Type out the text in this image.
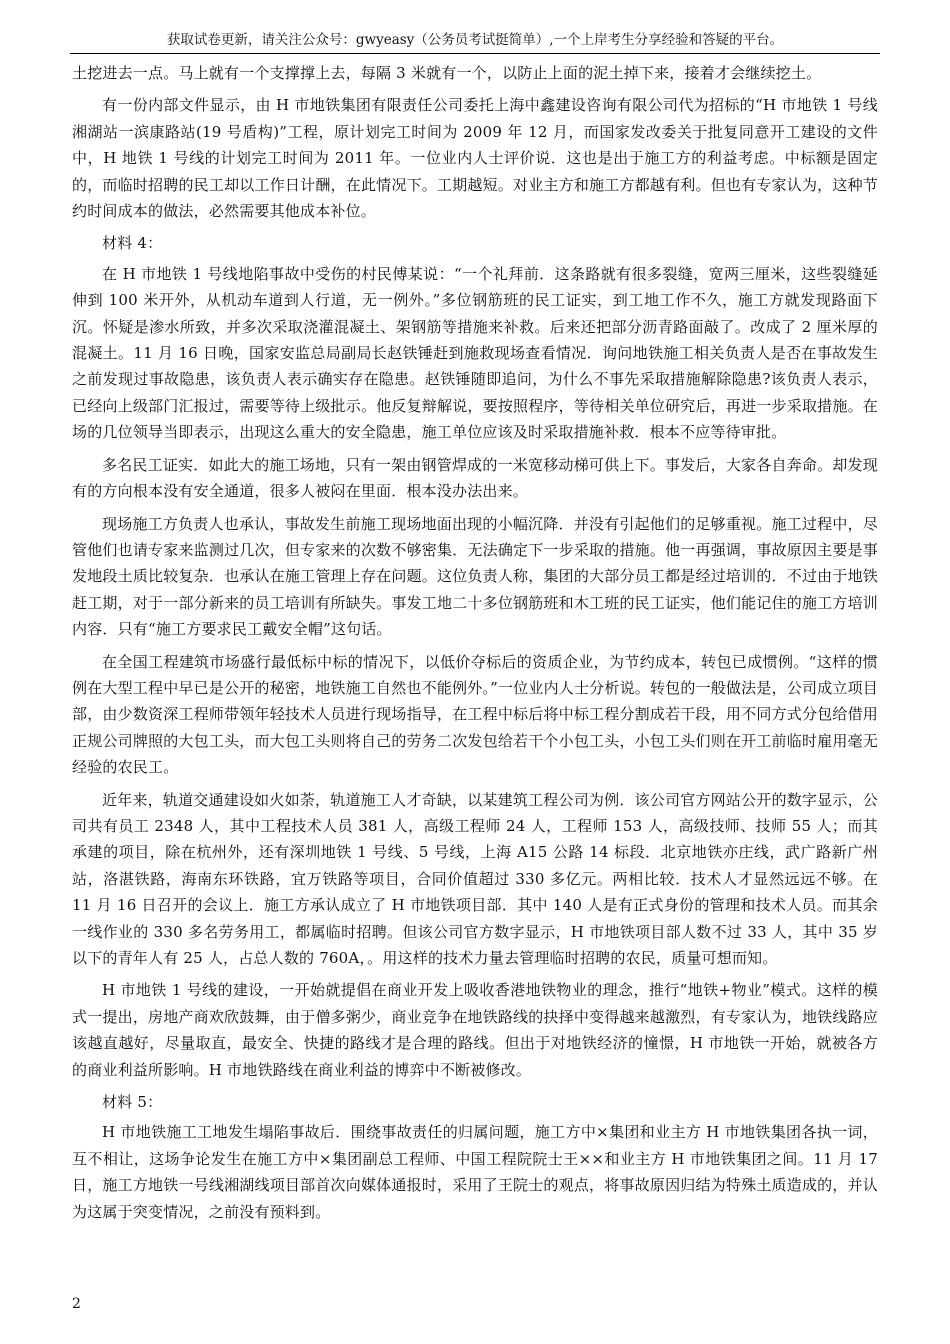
获取试卷更新，请关注公众号：gwyeasy（公务员考试挺简单）,一个上岸考生分享经验和答疑的平台。

土挖进去一点。马上就有一个支撑撑上去，每隔 3 米就有一个，以防止上面的泥土掉下来，接着才会继续挖土。

有一份内部文件显示，由 H 市地铁集团有限责任公司委托上海中鑫建设咨询有限公司代为招标的“H 市地铁 1 号线湘湖站一滨康路站(19 号盾构)”工程，原计划完工时间为 2009 年 12 月，而国家发改委关于批复同意开工建设的文件中，H 地铁 1 号线的计划完工时间为 2011 年。一位业内人士评价说．这也是出于施工方的利益考虑。中标额是固定的，而临时招聘的民工却以工作日计酬，在此情况下。工期越短。对业主方和施工方都越有利。但也有专家认为，这种节约时间成本的做法，必然需要其他成本补位。

材料 4：

在 H 市地铁 1 号线地陷事故中受伤的村民傅某说：“一个礼拜前．这条路就有很多裂缝，宽两三厘米，这些裂缝延伸到 100 米开外，从机动车道到人行道，无一例外。”多位钢筋班的民工证实，到工地工作不久，施工方就发现路面下沉。怀疑是渗水所致，并多次采取浇灌混凝土、架钢筋等措施来补救。后来还把部分沥青路面敲了。改成了 2 厘米厚的混凝土。11 月 16 日晚，国家安监总局副局长赵铁锤赶到施救现场查看情况．询问地铁施工相关负责人是否在事故发生之前发现过事故隐患，该负责人表示确实存在隐患。赵铁锤随即追问，为什么不事先采取措施解除隐患?该负责人表示，已经向上级部门汇报过，需要等待上级批示。他反复辩解说，要按照程序，等待相关单位研究后，再进一步采取措施。在场的几位领导当即表示，出现这么重大的安全隐患，施工单位应该及时采取措施补救．根本不应等待审批。

多名民工证实．如此大的施工场地，只有一架由钢管焊成的一米宽移动梯可供上下。事发后，大家各自奔命。却发现有的方向根本没有安全通道，很多人被闷在里面．根本没办法出来。

现场施工方负责人也承认，事故发生前施工现场地面出现的小幅沉降．并没有引起他们的足够重视。施工过程中，尽管他们也请专家来监测过几次，但专家来的次数不够密集．无法确定下一步采取的措施。他一再强调，事故原因主要是事发地段土质比较复杂．也承认在施工管理上存在问题。这位负责人称，集团的大部分员工都是经过培训的．不过由于地铁赶工期，对于一部分新来的员工培训有所缺失。事发工地二十多位钢筋班和木工班的民工证实，他们能记住的施工方培训内容．只有“施工方要求民工戴安全帽”这句话。

在全国工程建筑市场盛行最低标中标的情况下，以低价夺标后的资质企业，为节约成本，转包已成惯例。“这样的惯例在大型工程中早已是公开的秘密，地铁施工自然也不能例外。”一位业内人士分析说。转包的一般做法是，公司成立项目部，由少数资深工程师带领年轻技术人员进行现场指导，在工程中标后将中标工程分割成若干段，用不同方式分包给借用正规公司牌照的大包工头，而大包工头则将自己的劳务二次发包给若干个小包工头，小包工头们则在开工前临时雇用毫无经验的农民工。

近年来，轨道交通建设如火如荼，轨道施工人才奇缺，以某建筑工程公司为例．该公司官方网站公开的数字显示，公司共有员工 2348 人，其中工程技术人员 381 人，高级工程师 24 人，工程师 153 人，高级技师、技师 55 人；而其承建的项目，除在杭州外，还有深圳地铁 1 号线、5 号线，上海 A15 公路 14 标段．北京地铁亦庄线，武广路新广州站，洛湛铁路，海南东环铁路，宜万铁路等项目，合同价值超过 330 多亿元。两相比较．技术人才显然远远不够。在 11 月 16 日召开的会议上．施工方承认成立了 H 市地铁项目部．其中 140 人是有正式身份的管理和技术人员。而其余一线作业的 330 多名劳务用工，都属临时招聘。但该公司官方数字显示，H 市地铁项目部人数不过 33 人，其中 35 岁以下的青年人有 25 人，占总人数的 760A，。用这样的技术力量去管理临时招聘的农民，质量可想而知。

H 市地铁 1 号线的建设，一开始就提倡在商业开发上吸收香港地铁物业的理念，推行“地铁+物业”模式。这样的模式一提出，房地产商欢欣鼓舞，由于僧多粥少，商业竞争在地铁路线的抉择中变得越来越激烈，有专家认为，地铁线路应该越直越好，尽量取直，最安全、快捷的路线才是合理的路线。但出于对地铁经济的憧憬，H 市地铁一开始，就被各方的商业利益所影响。H 市地铁路线在商业利益的博弈中不断被修改。

材料 5：

H 市地铁施工工地发生塌陷事故后．围绕事故责任的归属问题，施工方中×集团和业主方 H 市地铁集团各执一词，互不相让，这场争论发生在施工方中×集团副总工程师、中国工程院院士王××和业主方 H 市地铁集团之间。11 月 17 日，施工方地铁一号线湘湖线项目部首次向媒体通报时，采用了王院士的观点，将事故原因归结为特殊土质造成的，并认为这属于突变情况，之前没有预料到。

2
